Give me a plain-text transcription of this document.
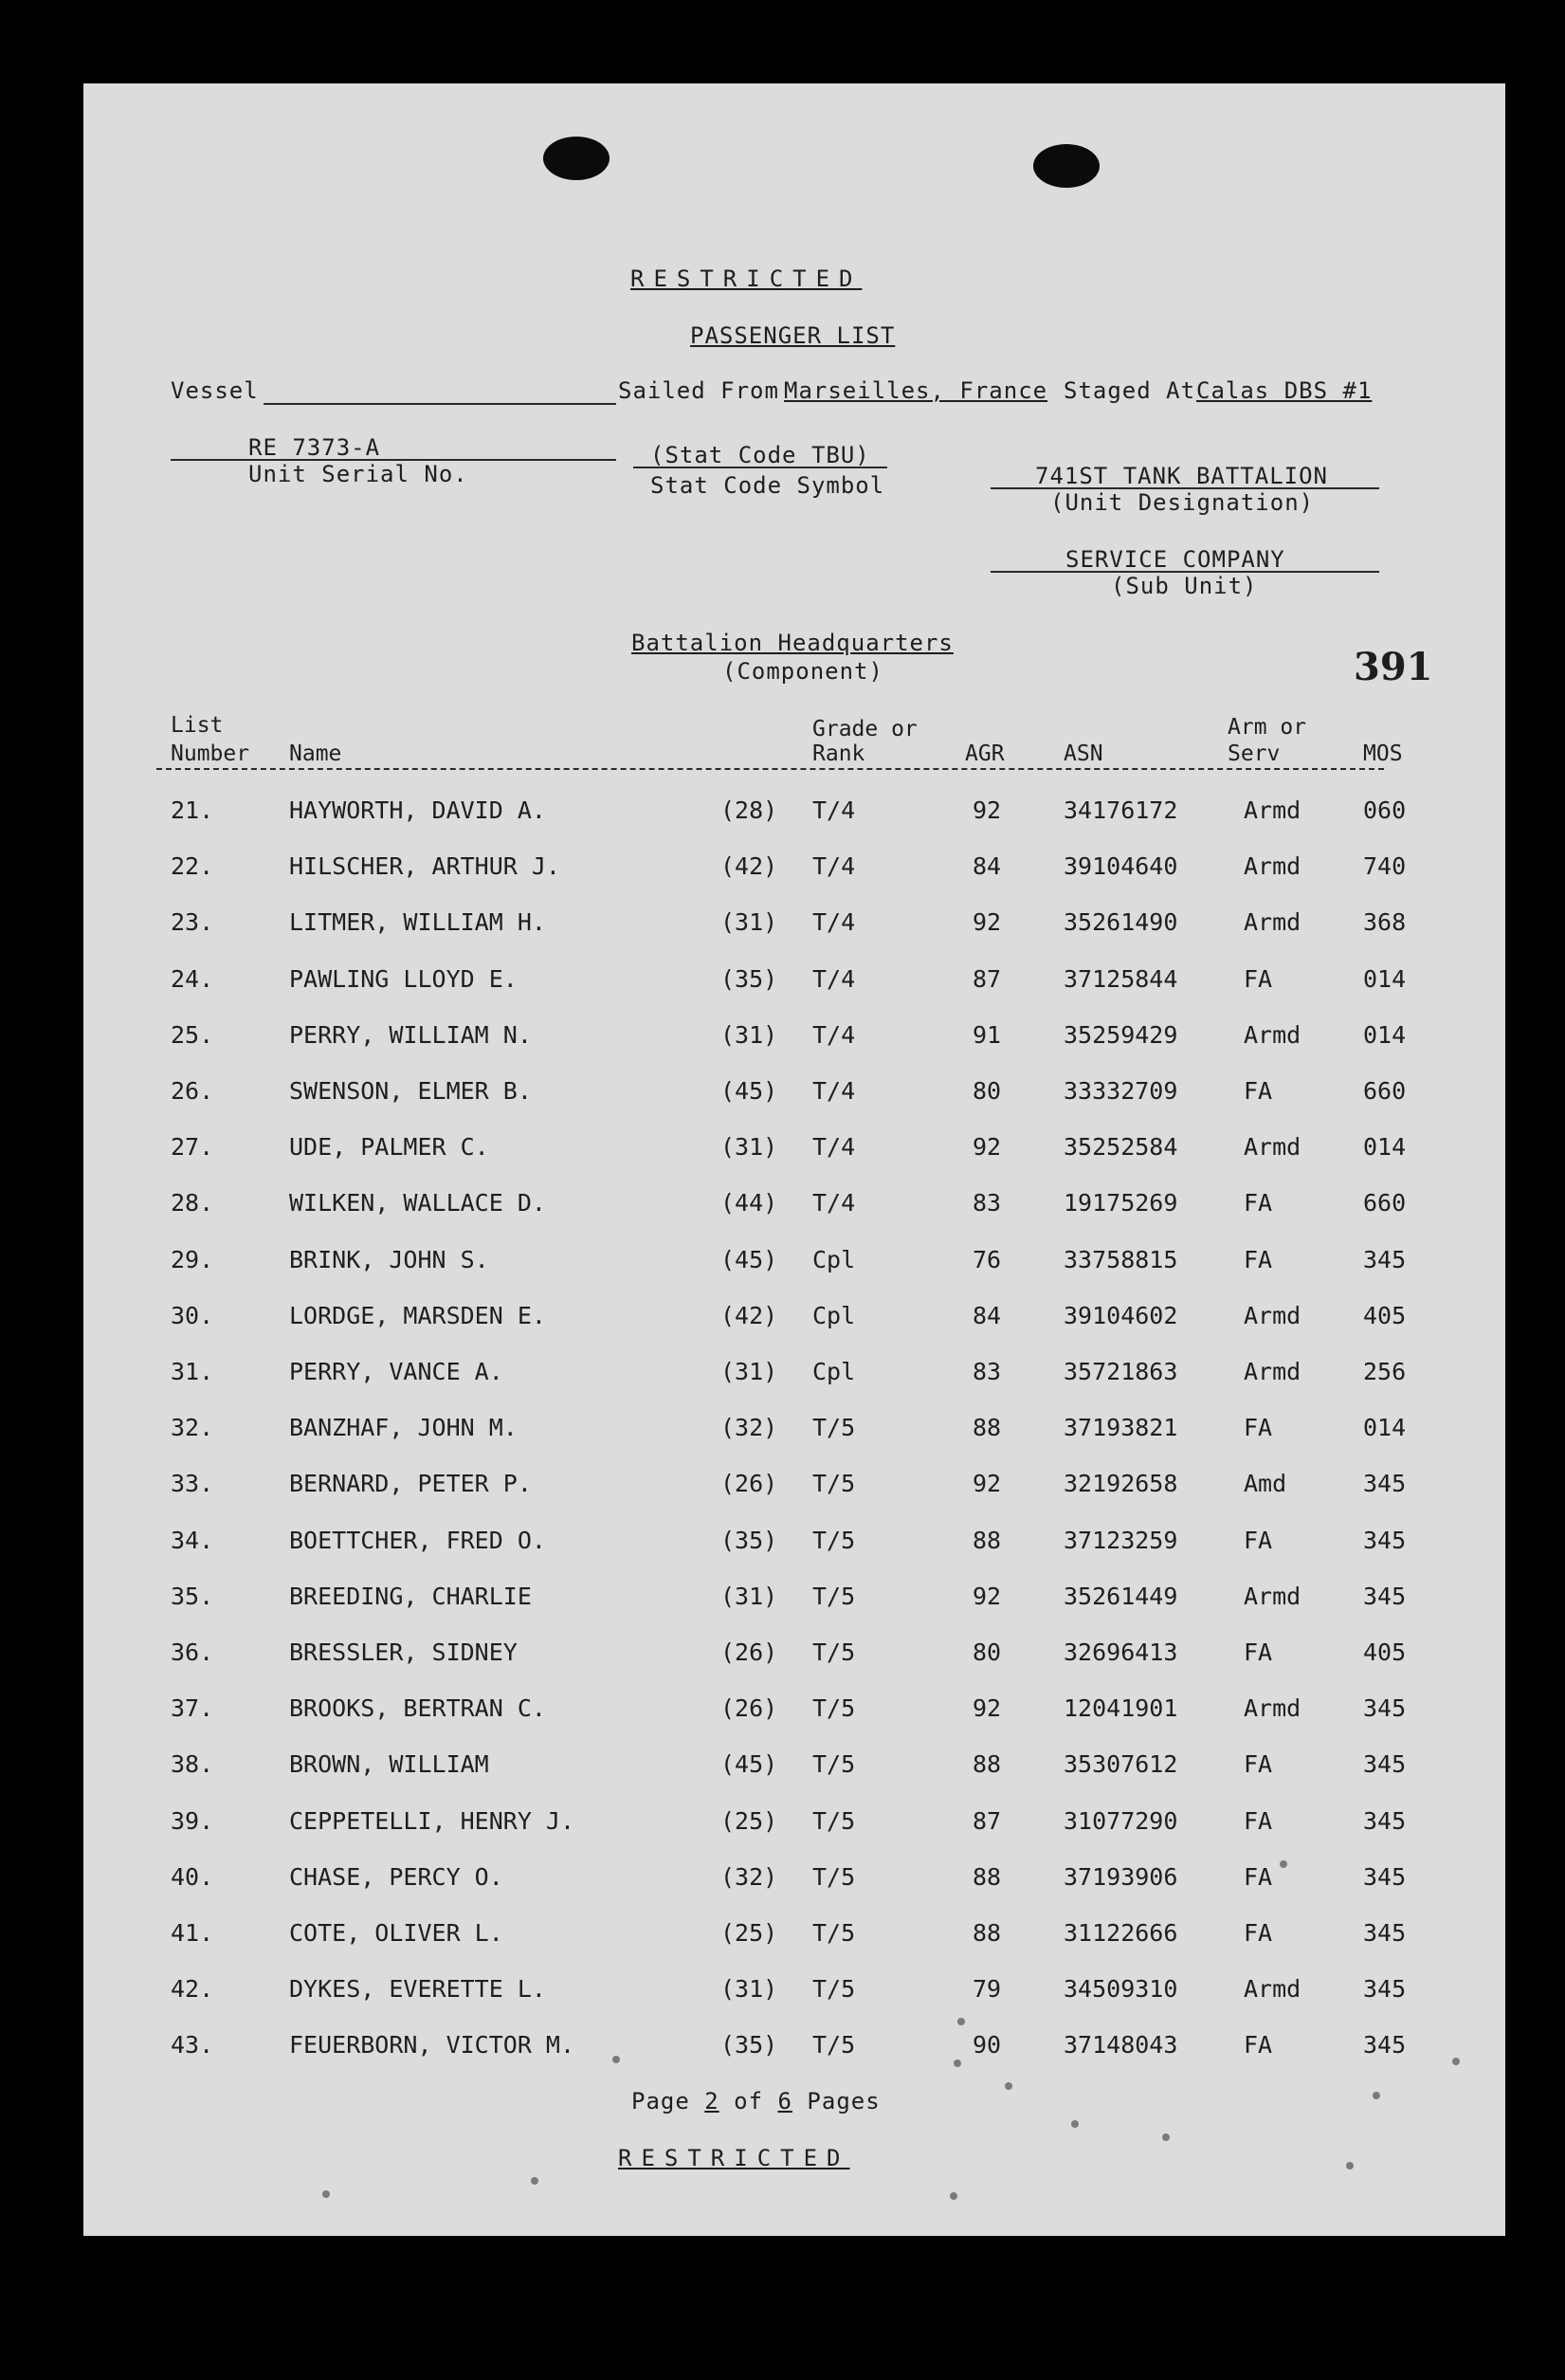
RESTRICTED
PASSENGER LIST
Vessel	Sailed From Marseilles, France Staged At Calas DBS #1
RE 7373-A
Unit Serial No.
(Stat Code TBU)
Stat Code Symbol	741ST TANK BATTALION
(Unit Designation)
SERVICE COMPANY
(Sub Unit)
Battalion Headquarters
(Component)	391
List
Number Name
Grade or
Rank	AGR	ASN
Arm or
Serv	MOS
21.	HAYWORTH, DAVID A.	(28) T/4	92	34176172	Armd	060
22.	HILSCHER, ARTHUR J.	(42) T/4	84	39104640	Armd	740
23.	LITMER, WILLIAM H.	(31) T/4	92	35261490	Armd	368
24.	PAWLING LLOYD E.	(35) T/4	87	37125844	FA	014
25.	PERRY, WILLIAM N.	(31) T/4	91	35259429	Armd	014
26.	SWENSON, ELMER B.	(45) T/4	80	33332709	FA	660
27.	UDE, PALMER C.	(31) T/4	92	35252584	Armd	014
28.	WILKEN, WALLACE D.	(44) T/4	83	19175269	FA	660
29.	BRINK, JOHN S.	(45) Cpl	76	33758815	FA	345
30.	LORDGE, MARSDEN E.	(42) Cpl	84	39104602	Armd	405
31.	PERRY, VANCE A.	(31) Cpl	83	35721863	Armd	256
32.	BANZHAF, JOHN M.	(32) T/5	88	37193821	FA	014
33.	BERNARD, PETER P.	(26) T/5	92	32192658	Amd	345
34.	BOETTCHER, FRED O.	(35) T/5	88	37123259	FA	345
35.	BREEDING, CHARLIE	(31) T/5	92	35261449	Armd	345
36.	BRESSLER, SIDNEY	(26) T/5	80	32696413	FA	405
37.	BROOKS, BERTRAN C.	(26) T/5	92	12041901	Armd	345
38.	BROWN, WILLIAM	(45) T/5	88	35307612	FA	345
39.	CEPPETELLI, HENRY J.	(25) T/5	87	31077290	FA	345
40.	CHASE, PERCY O.	(32) T/5	88	37193906	FA	345
41.	COTE, OLIVER L.	(25) T/5	88	31122666	FA	345
42.	DYKES, EVERETTE L.	(31) T/5	79	34509310	Armd	345
43.	FEUERBORN, VICTOR M.	(35) T/5	90	37148043	FA	345
Page 2 of 6 Pages
RESTRICTED
